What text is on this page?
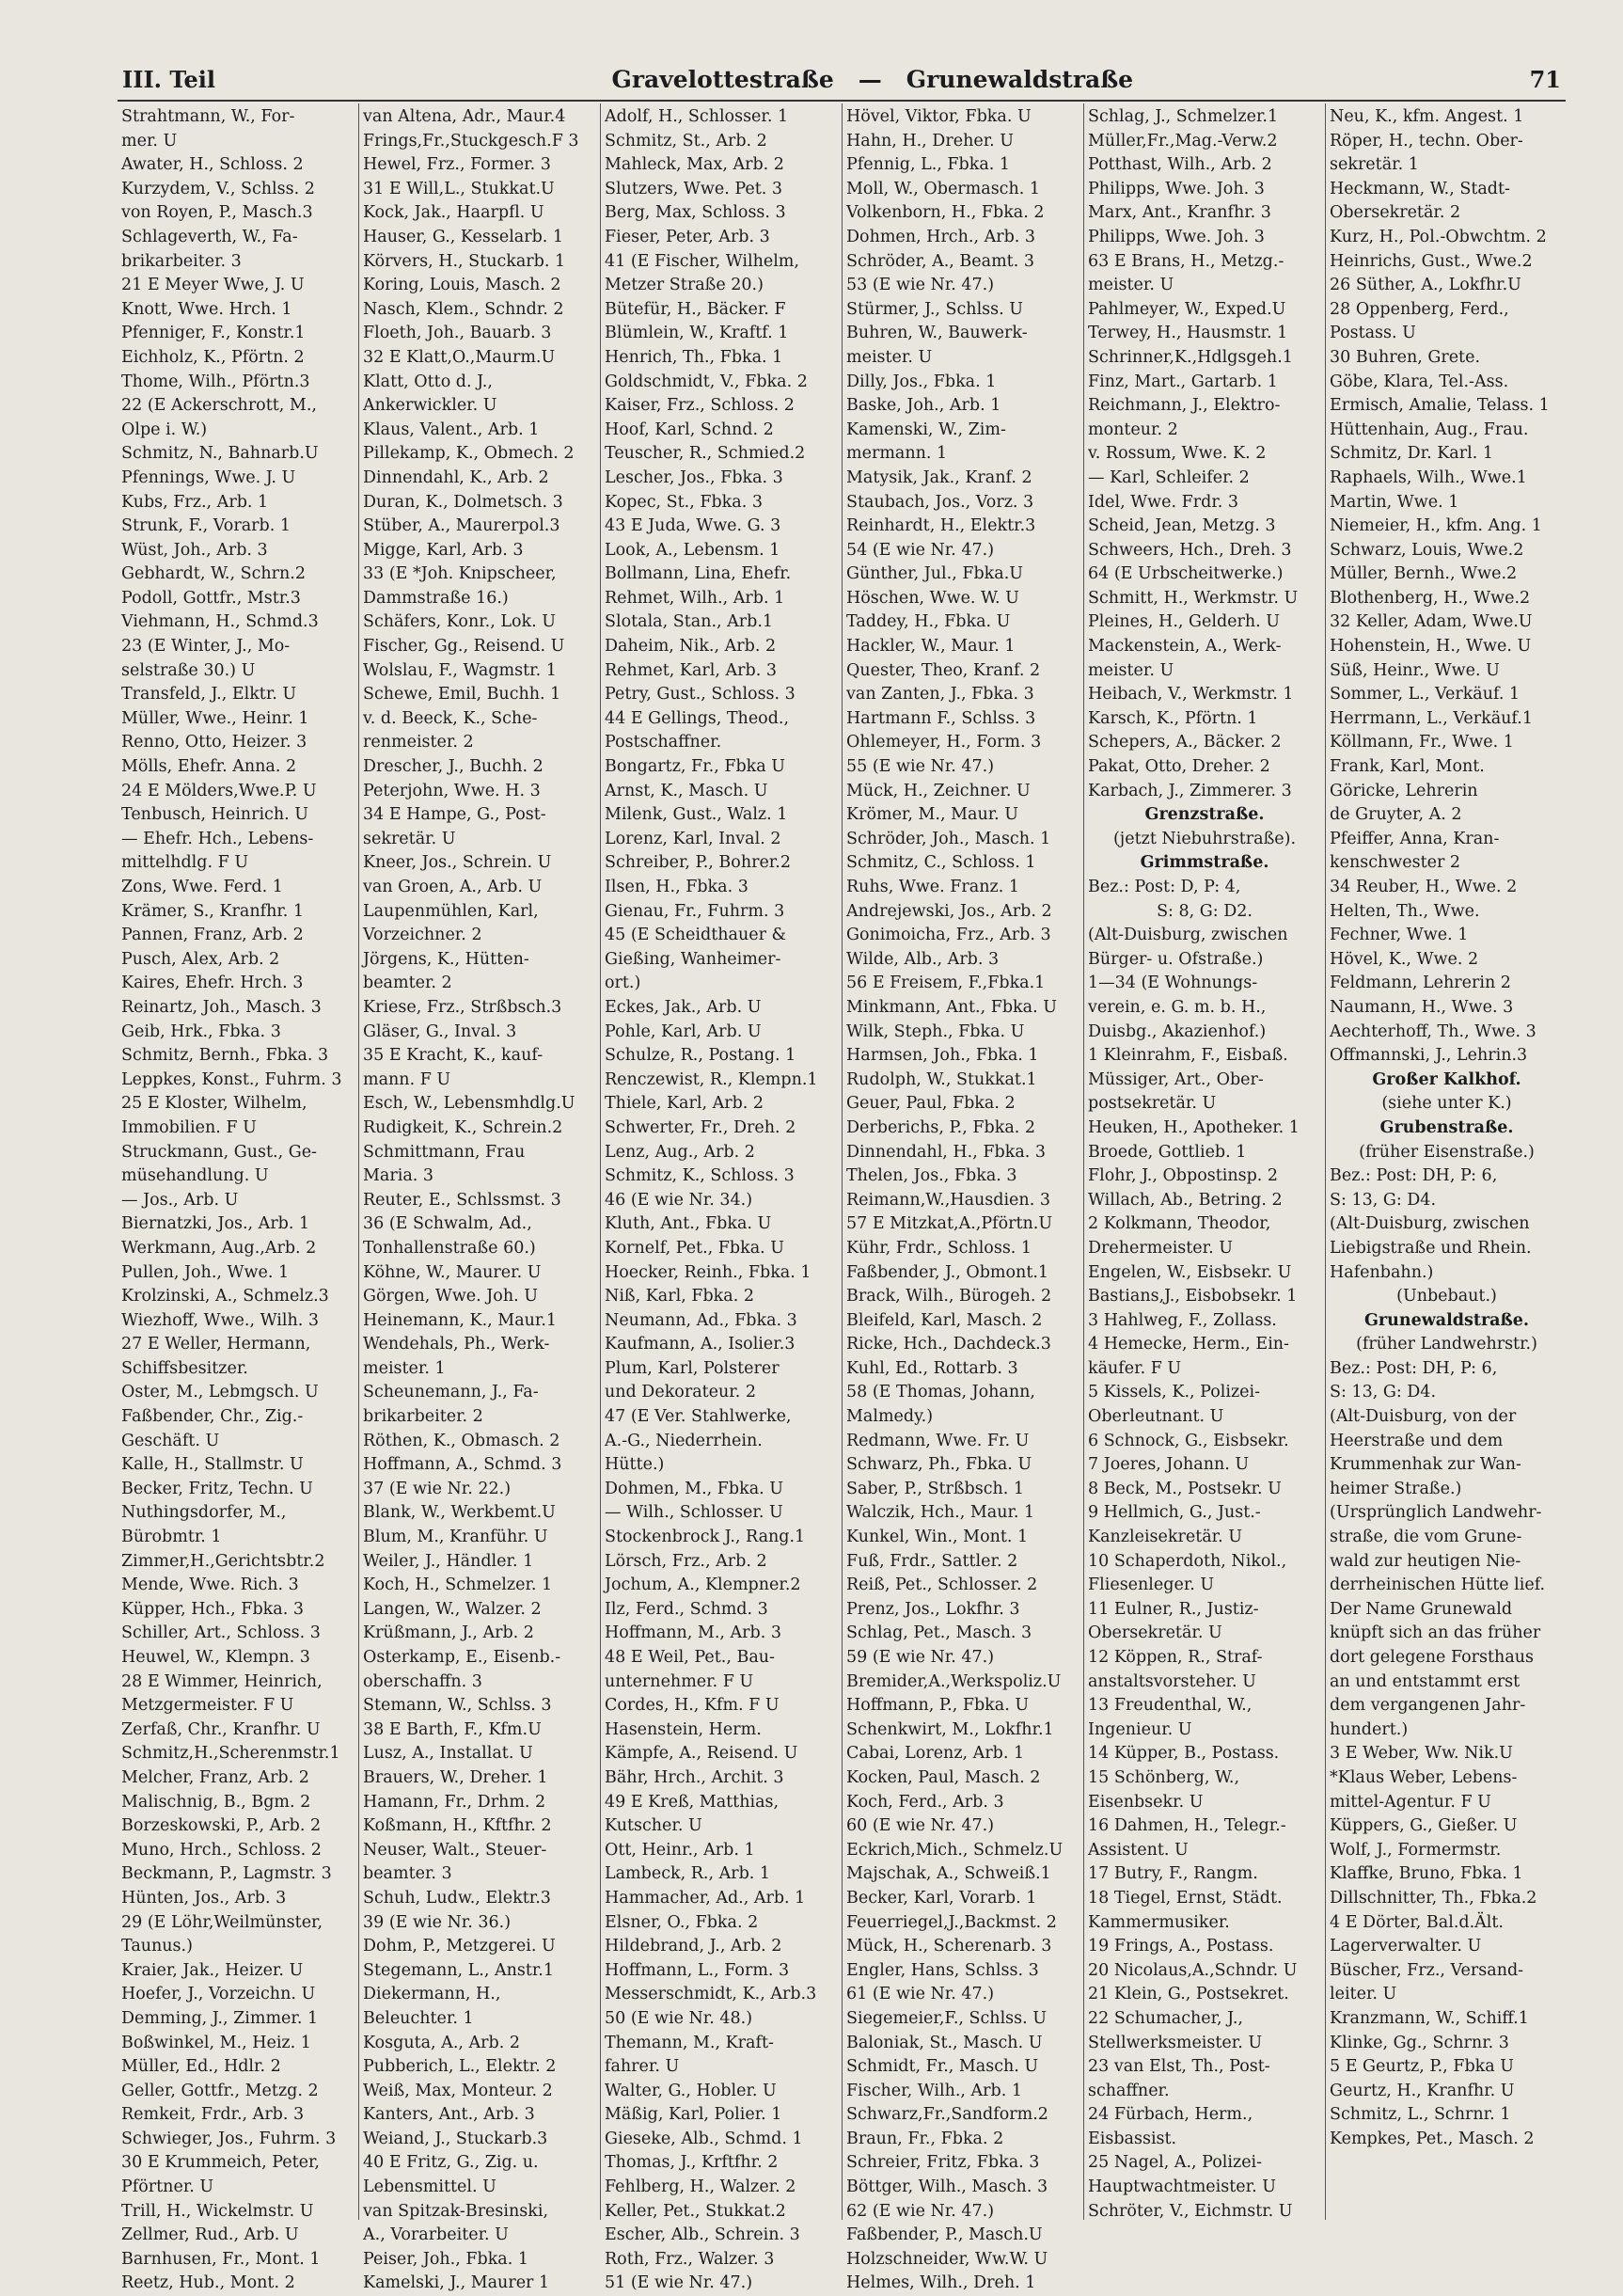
III. Teil	Gravelottestraße — Grunewaldstraße	71
Strahtmann, W., For-
mer. U
Awater, H., Schloss. 2
Kurzydem, V., Schlss. 2
von Royen, P., Masch.3
Schlageverth, W., Fa-
brikarbeiter. 3
21 E Meyer Wwe, J. U
Knott, Wwe. Hrch. 1
Pfenniger, F., Konstr.1
Eichholz, K., Pförtn. 2
Thome, Wilh., Pförtn.3
22 (E Ackerschrott, M.,
Olpe i. W.)
Schmitz, N., Bahnarb.U
Pfennings, Wwe. J. U
Kubs, Frz., Arb. 1
Strunk, F., Vorarb. 1
Wüst, Joh., Arb. 3
Gebhardt, W., Schrn.2
Podoll, Gottfr., Mstr.3
Viehmann, H., Schmd.3
23 (E Winter, J., Mo-
selstraße 30.) U
Transfeld, J., Elktr. U
Müller, Wwe., Heinr. 1
Renno, Otto, Heizer. 3
Mölls, Ehefr. Anna. 2
24 E Mölders,Wwe.P. U
Tenbusch, Heinrich. U
— Ehefr. Hch., Lebens-
mittelhdlg. F U
Zons, Wwe. Ferd. 1
Krämer, S., Kranfhr. 1
Pannen, Franz, Arb. 2
Pusch, Alex, Arb. 2
Kaires, Ehefr. Hrch. 3
Reinartz, Joh., Masch. 3
Geib, Hrk., Fbka. 3
Schmitz, Bernh., Fbka. 3
Leppkes, Konst., Fuhrm. 3
25 E Kloster, Wilhelm,
Immobilien. F U
Struckmann, Gust., Ge-
müsehandlung. U
— Jos., Arb. U
Biernatzki, Jos., Arb. 1
Werkmann, Aug.,Arb. 2
Pullen, Joh., Wwe. 1
Krolzinski, A., Schmelz.3
Wiezhoff, Wwe., Wilh. 3
27 E Weller, Hermann,
Schiffsbesitzer.
Oster, M., Lebmgsch. U
Faßbender, Chr., Zig.-
Geschäft. U
Kalle, H., Stallmstr. U
Becker, Fritz, Techn. U
Nuthingsdorfer, M.,
Bürobmtr. 1
Zimmer,H.,Gerichtsbtr.2
Mende, Wwe. Rich. 3
Küpper, Hch., Fbka. 3
Schiller, Art., Schloss. 3
Heuwel, W., Klempn. 3
28 E Wimmer, Heinrich,
Metzgermeister. F U
Zerfaß, Chr., Kranfhr. U
Schmitz,H.,Scherenmstr.1
Melcher, Franz, Arb. 2
Malischnig, B., Bgm. 2
Borzeskowski, P., Arb. 2
Muno, Hrch., Schloss. 2
Beckmann, P., Lagmstr. 3
Hünten, Jos., Arb. 3
29 (E Löhr,Weilmünster,
Taunus.)
Kraier, Jak., Heizer. U
Hoefer, J., Vorzeichn. U
Demming, J., Zimmer. 1
Boßwinkel, M., Heiz. 1
Müller, Ed., Hdlr. 2
Geller, Gottfr., Metzg. 2
Remkeit, Frdr., Arb. 3
Schwieger, Jos., Fuhrm. 3
30 E Krummeich, Peter,
Pförtner. U
Trill, H., Wickelmstr. U
Zellmer, Rud., Arb. U
Barnhusen, Fr., Mont. 1
Reetz, Hub., Mont. 2
van Altena, Adr., Maur.4
Frings,Fr.,Stuckgesch.F 3
Hewel, Frz., Former. 3
31 E Will,L., Stukkat.U
Kock, Jak., Haarpfl. U
Hauser, G., Kesselarb. 1
Körvers, H., Stuckarb. 1
Koring, Louis, Masch. 2
Nasch, Klem., Schndr. 2
Floeth, Joh., Bauarb. 3
32 E Klatt,O.,Maurm.U
Klatt, Otto d. J.,
Ankerwickler. U
Klaus, Valent., Arb. 1
Pillekamp, K., Obmech. 2
Dinnendahl, K., Arb. 2
Duran, K., Dolmetsch. 3
Stüber, A., Maurerpol.3
Migge, Karl, Arb. 3
33 (E *Joh. Knipscheer,
Dammstraße 16.)
Schäfers, Konr., Lok. U
Fischer, Gg., Reisend. U
Wolslau, F., Wagmstr. 1
Schewe, Emil, Buchh. 1
v. d. Beeck, K., Sche-
renmeister. 2
Drescher, J., Buchh. 2
Peterjohn, Wwe. H. 3
34 E Hampe, G., Post-
sekretär. U
Kneer, Jos., Schrein. U
van Groen, A., Arb. U
Laupenmühlen, Karl,
Vorzeichner. 2
Jörgens, K., Hütten-
beamter. 2
Kriese, Frz., Strßbsch.3
Gläser, G., Inval. 3
35 E Kracht, K., kauf-
mann. F U
Esch, W., Lebensmhdlg.U
Rudigkeit, K., Schrein.2
Schmittmann, Frau
Maria. 3
Reuter, E., Schlssmst. 3
36 (E Schwalm, Ad.,
Tonhallenstraße 60.)
Köhne, W., Maurer. U
Görgen, Wwe. Joh. U
Heinemann, K., Maur.1
Wendehals, Ph., Werk-
meister. 1
Scheunemann, J., Fa-
brikarbeiter. 2
Röthen, K., Obmasch. 2
Hoffmann, A., Schmd. 3
37 (E wie Nr. 22.)
Blank, W., Werkbemt.U
Blum, M., Kranführ. U
Weiler, J., Händler. 1
Koch, H., Schmelzer. 1
Langen, W., Walzer. 2
Krüßmann, J., Arb. 2
Osterkamp, E., Eisenb.-
oberschaffn. 3
Stemann, W., Schlss. 3
38 E Barth, F., Kfm.U
Lusz, A., Installat. U
Brauers, W., Dreher. 1
Hamann, Fr., Drhm. 2
Koßmann, H., Kftfhr. 2
Neuser, Walt., Steuer-
beamter. 3
Schuh, Ludw., Elektr.3
39 (E wie Nr. 36.)
Dohm, P., Metzgerei. U
Stegemann, L., Anstr.1
Diekermann, H.,
Beleuchter. 1
Kosguta, A., Arb. 2
Pubberich, L., Elektr. 2
Weiß, Max, Monteur. 2
Kanters, Ant., Arb. 3
Weiand, J., Stuckarb.3
40 E Fritz, G., Zig. u.
Lebensmittel. U
van Spitzak-Bresinski,
A., Vorarbeiter. U
Peiser, Joh., Fbka. 1
Kamelski, J., Maurer 1
Adolf, H., Schlosser. 1
Schmitz, St., Arb. 2
Mahleck, Max, Arb. 2
Slutzers, Wwe. Pet. 3
Berg, Max, Schloss. 3
Fieser, Peter, Arb. 3
41 (E Fischer, Wilhelm,
Metzer Straße 20.)
Bütefür, H., Bäcker. F
Blümlein, W., Kraftf. 1
Henrich, Th., Fbka. 1
Goldschmidt, V., Fbka. 2
Kaiser, Frz., Schloss. 2
Hoof, Karl, Schnd. 2
Teuscher, R., Schmied.2
Lescher, Jos., Fbka. 3
Kopec, St., Fbka. 3
43 E Juda, Wwe. G. 3
Look, A., Lebensm. 1
Bollmann, Lina, Ehefr.
Rehmet, Wilh., Arb. 1
Slotala, Stan., Arb.1
Daheim, Nik., Arb. 2
Rehmet, Karl, Arb. 3
Petry, Gust., Schloss. 3
44 E Gellings, Theod.,
Postschaffner.
Bongartz, Fr., Fbka U
Arnst, K., Masch. U
Milenk, Gust., Walz. 1
Lorenz, Karl, Inval. 2
Schreiber, P., Bohrer.2
Ilsen, H., Fbka. 3
Gienau, Fr., Fuhrm. 3
45 (E Scheidthauer &
Gießing, Wanheimer-
ort.)
Eckes, Jak., Arb. U
Pohle, Karl, Arb. U
Schulze, R., Postang. 1
Renczewist, R., Klempn.1
Thiele, Karl, Arb. 2
Schwerter, Fr., Dreh. 2
Lenz, Aug., Arb. 2
Schmitz, K., Schloss. 3
46 (E wie Nr. 34.)
Kluth, Ant., Fbka. U
Kornelf, Pet., Fbka. U
Hoecker, Reinh., Fbka. 1
Niß, Karl, Fbka. 2
Neumann, Ad., Fbka. 3
Kaufmann, A., Isolier.3
Plum, Karl, Polsterer
und Dekorateur. 2
47 (E Ver. Stahlwerke,
A.-G., Niederrhein.
Hütte.)
Dohmen, M., Fbka. U
— Wilh., Schlosser. U
Stockenbrock J., Rang.1
Lörsch, Frz., Arb. 2
Jochum, A., Klempner.2
Ilz, Ferd., Schmd. 3
Hoffmann, M., Arb. 3
48 E Weil, Pet., Bau-
unternehmer. F U
Cordes, H., Kfm. F U
Hasenstein, Herm.
Kämpfe, A., Reisend. U
Bähr, Hrch., Archit. 3
49 E Kreß, Matthias,
Kutscher. U
Ott, Heinr., Arb. 1
Lambeck, R., Arb. 1
Hammacher, Ad., Arb. 1
Elsner, O., Fbka. 2
Hildebrand, J., Arb. 2
Hoffmann, L., Form. 3
Messerschmidt, K., Arb.3
50 (E wie Nr. 48.)
Themann, M., Kraft-
fahrer. U
Walter, G., Hobler. U
Mäßig, Karl, Polier. 1
Gieseke, Alb., Schmd. 1
Thomas, J., Krftfhr. 2
Fehlberg, H., Walzer. 2
Keller, Pet., Stukkat.2
Escher, Alb., Schrein. 3
Roth, Frz., Walzer. 3
51 (E wie Nr. 47.)
Hövel, Viktor, Fbka. U
Hahn, H., Dreher. U
Pfennig, L., Fbka. 1
Moll, W., Obermasch. 1
Volkenborn, H., Fbka. 2
Dohmen, Hrch., Arb. 3
Schröder, A., Beamt. 3
53 (E wie Nr. 47.)
Stürmer, J., Schlss. U
Buhren, W., Bauwerk-
meister. U
Dilly, Jos., Fbka. 1
Baske, Joh., Arb. 1
Kamenski, W., Zim-
mermann. 1
Matysik, Jak., Kranf. 2
Staubach, Jos., Vorz. 3
Reinhardt, H., Elektr.3
54 (E wie Nr. 47.)
Günther, Jul., Fbka.U
Höschen, Wwe. W. U
Taddey, H., Fbka. U
Hackler, W., Maur. 1
Quester, Theo, Kranf. 2
van Zanten, J., Fbka. 3
Hartmann F., Schlss. 3
Ohlemeyer, H., Form. 3
55 (E wie Nr. 47.)
Mück, H., Zeichner. U
Krömer, M., Maur. U
Schröder, Joh., Masch. 1
Schmitz, C., Schloss. 1
Ruhs, Wwe. Franz. 1
Andrejewski, Jos., Arb. 2
Gonimoicha, Frz., Arb. 3
Wilde, Alb., Arb. 3
56 E Freisem, F.,Fbka.1
Minkmann, Ant., Fbka. U
Wilk, Steph., Fbka. U
Harmsen, Joh., Fbka. 1
Rudolph, W., Stukkat.1
Geuer, Paul, Fbka. 2
Derberichs, P., Fbka. 2
Dinnendahl, H., Fbka. 3
Thelen, Jos., Fbka. 3
Reimann,W.,Hausdien. 3
57 E Mitzkat,A.,Pförtn.U
Kühr, Frdr., Schloss. 1
Faßbender, J., Obmont.1
Brack, Wilh., Bürogeh. 2
Bleifeld, Karl, Masch. 2
Ricke, Hch., Dachdeck.3
Kuhl, Ed., Rottarb. 3
58 (E Thomas, Johann,
Malmedy.)
Redmann, Wwe. Fr. U
Schwarz, Ph., Fbka. U
Saber, P., Strßbsch. 1
Walczik, Hch., Maur. 1
Kunkel, Win., Mont. 1
Fuß, Frdr., Sattler. 2
Reiß, Pet., Schlosser. 2
Prenz, Jos., Lokfhr. 3
Schlag, Pet., Masch. 3
59 (E wie Nr. 47.)
Bremider,A.,Werkspoliz.U
Hoffmann, P., Fbka. U
Schenkwirt, M., Lokfhr.1
Cabai, Lorenz, Arb. 1
Kocken, Paul, Masch. 2
Koch, Ferd., Arb. 3
60 (E wie Nr. 47.)
Eckrich,Mich., Schmelz.U
Majschak, A., Schweiß.1
Becker, Karl, Vorarb. 1
Feuerriegel,J.,Backmst. 2
Mück, H., Scherenarb. 3
Engler, Hans, Schlss. 3
61 (E wie Nr. 47.)
Siegemeier,F., Schlss. U
Baloniak, St., Masch. U
Schmidt, Fr., Masch. U
Fischer, Wilh., Arb. 1
Schwarz,Fr.,Sandform.2
Braun, Fr., Fbka. 2
Schreier, Fritz, Fbka. 3
Böttger, Wilh., Masch. 3
62 (E wie Nr. 47.)
Faßbender, P., Masch.U
Holzschneider, Ww.W. U
Helmes, Wilh., Dreh. 1
Schlag, J., Schmelzer.1
Müller,Fr.,Mag.-Verw.2
Potthast, Wilh., Arb. 2
Philipps, Wwe. Joh. 3
Marx, Ant., Kranfhr. 3
Philipps, Wwe. Joh. 3
63 E Brans, H., Metzg.-
meister. U
Pahlmeyer, W., Exped.U
Terwey, H., Hausmstr. 1
Schrinner,K.,Hdlgsgeh.1
Finz, Mart., Gartarb. 1
Reichmann, J., Elektro-
monteur. 2
v. Rossum, Wwe. K. 2
— Karl, Schleifer. 2
Idel, Wwe. Frdr. 3
Scheid, Jean, Metzg. 3
Schweers, Hch., Dreh. 3
64 (E Urbscheitwerke.)
Schmitt, H., Werkmstr. U
Pleines, H., Gelderh. U
Mackenstein, A., Werk-
meister. U
Heibach, V., Werkmstr. 1
Karsch, K., Pförtn. 1
Schepers, A., Bäcker. 2
Pakat, Otto, Dreher. 2
Karbach, J., Zimmerer. 3
Grenzstraße.
(jetzt Niebuhrstraße).
Grimmstraße.
Bez.: Post: D, P: 4,
S: 8, G: D2.
(Alt-Duisburg, zwischen
Bürger- u. Ofstraße.)
1—34 (E Wohnungs-
verein, e. G. m. b. H.,
Duisbg., Akazienhof.)
1 Kleinrahm, F., Eisbaß.
Müssiger, Art., Ober-
postsekretär. U
Heuken, H., Apotheker. 1
Broede, Gottlieb. 1
Flohr, J., Obpostinsp. 2
Willach, Ab., Betring. 2
2 Kolkmann, Theodor,
Drehermeister. U
Engelen, W., Eisbsekr. U
Bastians,J., Eisbobsekr. 1
3 Hahlweg, F., Zollass.
4 Hemecke, Herm., Ein-
käufer. F U
5 Kissels, K., Polizei-
Oberleutnant. U
6 Schnock, G., Eisbsekr.
7 Joeres, Johann. U
8 Beck, M., Postsekr. U
9 Hellmich, G., Just.-
Kanzleisekretär. U
10 Schaperdoth, Nikol.,
Fliesenleger. U
11 Eulner, R., Justiz-
Obersekretär. U
12 Köppen, R., Straf-
anstaltsvorsteher. U
13 Freudenthal, W.,
Ingenieur. U
14 Küpper, B., Postass.
15 Schönberg, W.,
Eisenbsekr. U
16 Dahmen, H., Telegr.-
Assistent. U
17 Butry, F., Rangm.
18 Tiegel, Ernst, Städt.
Kammermusiker.
19 Frings, A., Postass.
20 Nicolaus,A.,Schndr. U
21 Klein, G., Postsekret.
22 Schumacher, J.,
Stellwerksmeister. U
23 van Elst, Th., Post-
schaffner.
24 Fürbach, Herm.,
Eisbassist.
25 Nagel, A., Polizei-
Hauptwachtmeister. U
Schröter, V., Eichmstr. U
Neu, K., kfm. Angest. 1
Röper, H., techn. Ober-
sekretär. 1
Heckmann, W., Stadt-
Obersekretär. 2
Kurz, H., Pol.-Obwchtm. 2
Heinrichs, Gust., Wwe.2
26 Süther, A., Lokfhr.U
28 Oppenberg, Ferd.,
Postass. U
30 Buhren, Grete.
Göbe, Klara, Tel.-Ass.
Ermisch, Amalie, Telass. 1
Hüttenhain, Aug., Frau.
Schmitz, Dr. Karl. 1
Raphaels, Wilh., Wwe.1
Martin, Wwe. 1
Niemeier, H., kfm. Ang. 1
Schwarz, Louis, Wwe.2
Müller, Bernh., Wwe.2
Blothenberg, H., Wwe.2
32 Keller, Adam, Wwe.U
Hohenstein, H., Wwe. U
Süß, Heinr., Wwe. U
Sommer, L., Verkäuf. 1
Herrmann, L., Verkäuf.1
Köllmann, Fr., Wwe. 1
Frank, Karl, Mont.
Göricke, Lehrerin
de Gruyter, A. 2
Pfeiffer, Anna, Kran-
kenschwester 2
34 Reuber, H., Wwe. 2
Helten, Th., Wwe.
Fechner, Wwe. 1
Hövel, K., Wwe. 2
Feldmann, Lehrerin 2
Naumann, H., Wwe. 3
Aechterhoff, Th., Wwe. 3
Offmannski, J., Lehrin.3
Großer Kalkhof.
(siehe unter K.)
Grubenstraße.
(früher Eisenstraße.)
Bez.: Post: DH, P: 6,
S: 13, G: D4.
(Alt-Duisburg, zwischen
Liebigstraße und Rhein.
Hafenbahn.)
(Unbebaut.)
Grunewaldstraße.
(früher Landwehrstr.)
Bez.: Post: DH, P: 6,
S: 13, G: D4.
(Alt-Duisburg, von der
Heerstraße und dem
Krummenhak zur Wan-
heimer Straße.)
(Ursprünglich Landwehr-
straße, die vom Grune-
wald zur heutigen Nie-
derrheinischen Hütte lief.
Der Name Grunewald
knüpft sich an das früher
dort gelegene Forsthaus
an und entstammt erst
dem vergangenen Jahr-
hundert.)
3 E Weber, Ww. Nik.U
*Klaus Weber, Lebens-
mittel-Agentur. F U
Küppers, G., Gießer. U
Wolf, J., Formermstr.
Klaffke, Bruno, Fbka. 1
Dillschnitter, Th., Fbka.2
4 E Dörter, Bal.d.Ält.
Lagerverwalter. U
Büscher, Frz., Versand-
leiter. U
Kranzmann, W., Schiff.1
Klinke, Gg., Schrnr. 3
5 E Geurtz, P., Fbka U
Geurtz, H., Kranfhr. U
Schmitz, L., Schrnr. 1
Kempkes, Pet., Masch. 2
